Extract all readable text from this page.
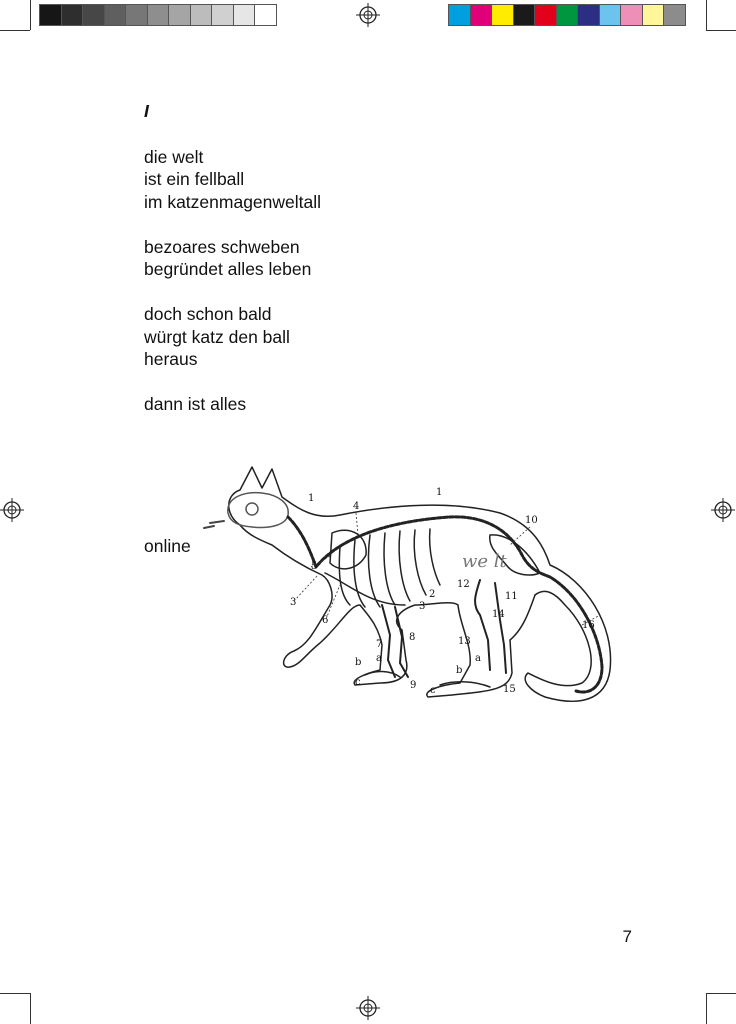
I
die welt
ist ein fellball
im katzenmagenweltall
bezoares schweben
begründet alles leben
doch schon bald
würgt katz den ball
heraus
dann ist alles
online
we lt
1
4
1
10
5
3
6
2
3
12
11
14
16
7
8	13
a
b
c	9
a
b
c	15
7
